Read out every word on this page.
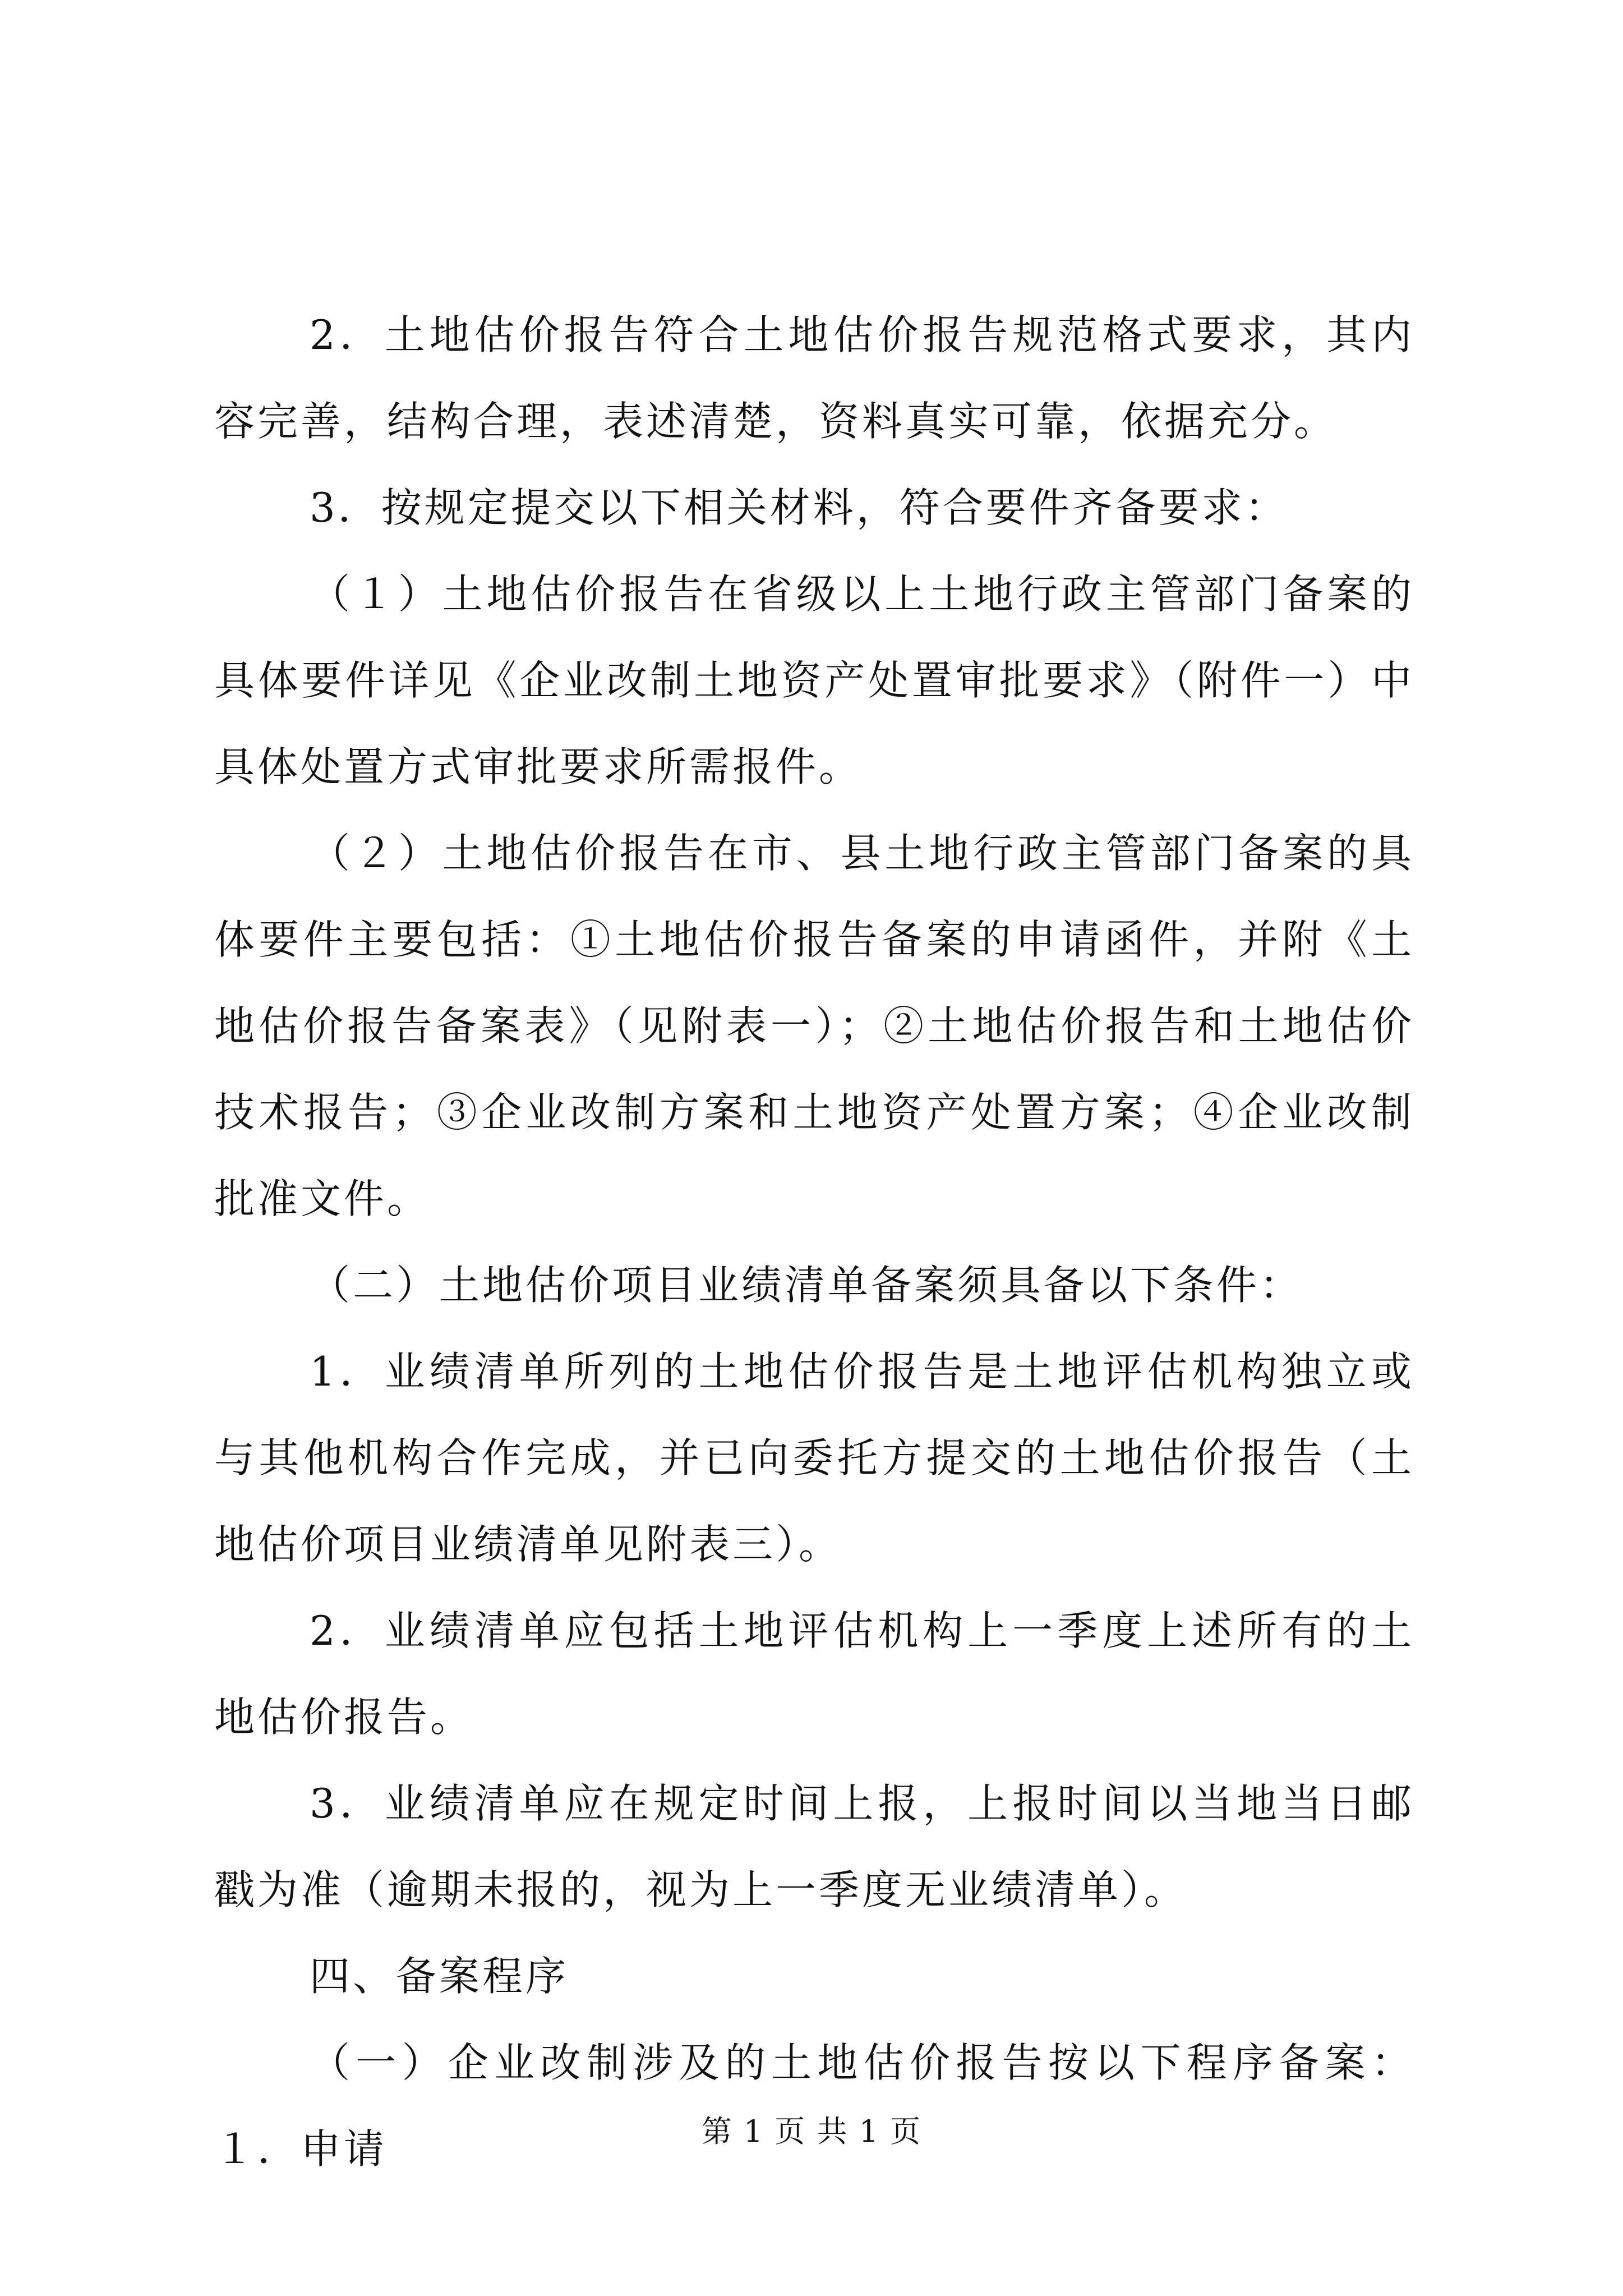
2．土地估价报告符合土地估价报告规范格式要求，其内容完善，结构合理，表述清楚，资料真实可靠，依据充分。

3．按规定提交以下相关材料，符合要件齐备要求：

（１）土地估价报告在省级以上土地行政主管部门备案的具体要件详见《企业改制土地资产处置审批要求》（附件一）中具体处置方式审批要求所需报件。

（２）土地估价报告在市、县土地行政主管部门备案的具体要件主要包括：①土地估价报告备案的申请函件，并附《土地估价报告备案表》（见附表一）；②土地估价报告和土地估价技术报告；③企业改制方案和土地资产处置方案；④企业改制批准文件。

（二）土地估价项目业绩清单备案须具备以下条件：

1．业绩清单所列的土地估价报告是土地评估机构独立或与其他机构合作完成，并已向委托方提交的土地估价报告（土地估价项目业绩清单见附表三）。

2．业绩清单应包括土地评估机构上一季度上述所有的土地估价报告。

3．业绩清单应在规定时间上报，上报时间以当地当日邮戳为准（逾期未报的，视为上一季度无业绩清单）。

四、备案程序

（一）企业改制涉及的土地估价报告按以下程序备案：１．申请	第 1 页 共 1 页
